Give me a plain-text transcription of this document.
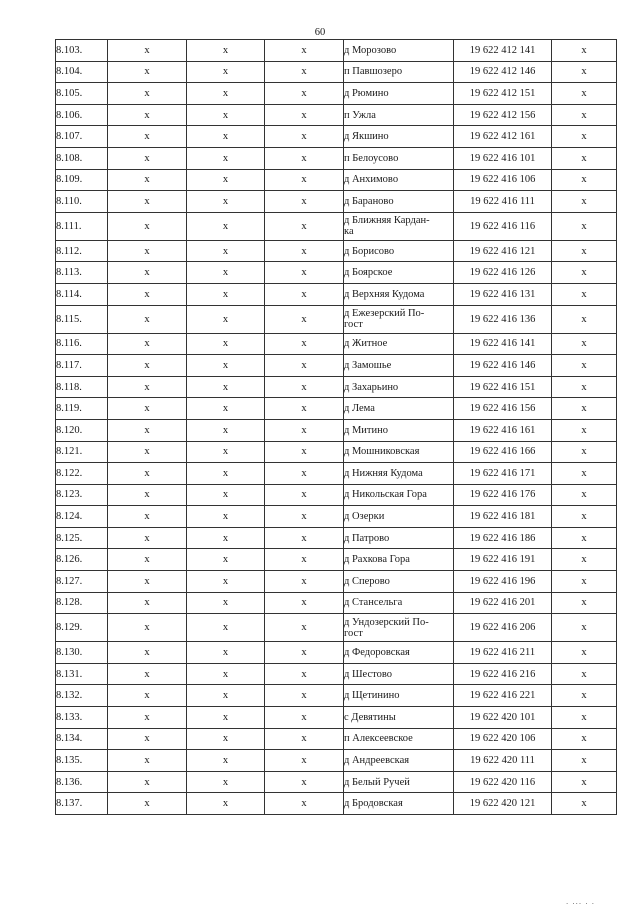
60
8.103.	x	x	x	д Морозово	19 622 412 141	x
8.104.	x	x	x	п Павшозеро	19 622 412 146	x
8.105.	x	x	x	д Рюмино	19 622 412 151	x
8.106.	x	x	x	п Ужла	19 622 412 156	x
8.107.	x	x	x	д Якшино	19 622 412 161	x
8.108.	x	x	x	п Белоусово	19 622 416 101	x
8.109.	x	x	x	д Анхимово	19 622 416 106	x
8.110.	x	x	x	д Бараново	19 622 416 111	x
8.111.	x	x	x	д Ближняя Кардан-
ка	19 622 416 116	x
8.112.	x	x	x	д Борисово	19 622 416 121	x
8.113.	x	x	x	д Боярское	19 622 416 126	x
8.114.	x	x	x	д Верхняя Кудома	19 622 416 131	x
8.115.	x	x	x	д Ежезерский По-
гост	19 622 416 136	x
8.116.	x	x	x	д Житное	19 622 416 141	x
8.117.	x	x	x	д Замошье	19 622 416 146	x
8.118.	x	x	x	д Захарьино	19 622 416 151	x
8.119.	x	x	x	д Лема	19 622 416 156	x
8.120.	x	x	x	д Митино	19 622 416 161	x
8.121.	x	x	x	д Мошниковская	19 622 416 166	x
8.122.	x	x	x	д Нижняя Кудома	19 622 416 171	x
8.123.	x	x	x	д Никольская Гора	19 622 416 176	x
8.124.	x	x	x	д Озерки	19 622 416 181	x
8.125.	x	x	x	д Патрово	19 622 416 186	x
8.126.	x	x	x	д Рахкова Гора	19 622 416 191	x
8.127.	x	x	x	д Сперово	19 622 416 196	x
8.128.	x	x	x	д Стансельга	19 622 416 201	x
8.129.	x	x	x	д Ундозерский По-
гост	19 622 416 206	x
8.130.	x	x	x	д Федоровская	19 622 416 211	x
8.131.	x	x	x	д Шестово	19 622 416 216	x
8.132.	x	x	x	д Щетинино	19 622 416 221	x
8.133.	x	x	x	с Девятины	19 622 420 101	x
8.134.	x	x	x	п Алексеевское	19 622 420 106	x
8.135.	x	x	x	д Андреевская	19 622 420 111	x
8.136.	x	x	x	д Белый Ручей	19 622 420 116	x
8.137.	x	x	x	д Бродовская	19 622 420 121	x
. ... . .
